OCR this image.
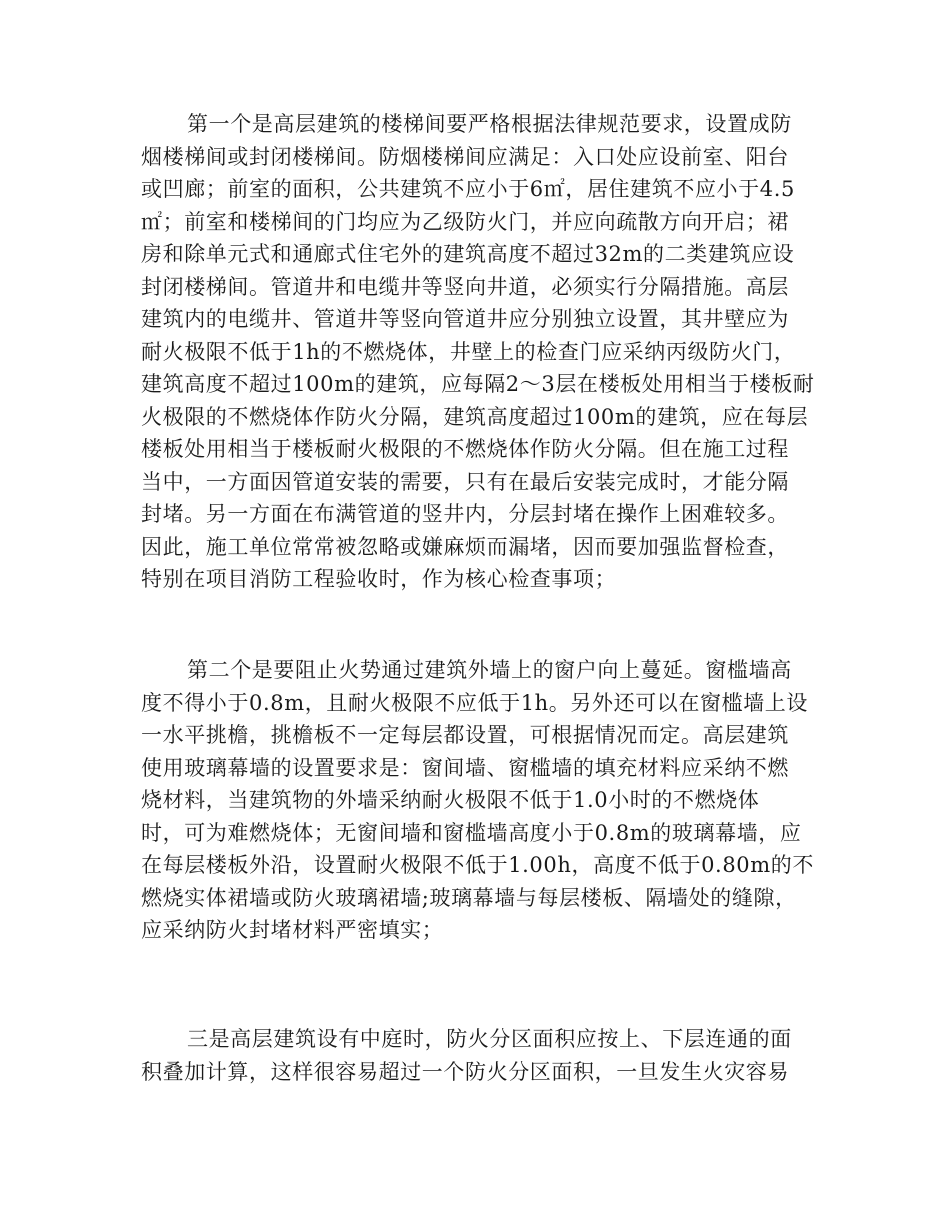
第一个是高层建筑的楼梯间要严格根据法律规范要求，设置成防
烟楼梯间或封闭楼梯间。防烟楼梯间应满足：入口处应设前室、阳台
或凹廊；前室的面积，公共建筑不应小于6㎡，居住建筑不应小于4.5
㎡；前室和楼梯间的门均应为乙级防火门，并应向疏散方向开启；裙
房和除单元式和通廊式住宅外的建筑高度不超过32m的二类建筑应设
封闭楼梯间。管道井和电缆井等竖向井道，必须实行分隔措施。高层
建筑内的电缆井、管道井等竖向管道井应分别独立设置，其井壁应为
耐火极限不低于1h的不燃烧体，井壁上的检查门应采纳丙级防火门，
建筑高度不超过100m的建筑，应每隔2～3层在楼板处用相当于楼板耐
火极限的不燃烧体作防火分隔，建筑高度超过100m的建筑，应在每层
楼板处用相当于楼板耐火极限的不燃烧体作防火分隔。但在施工过程
当中，一方面因管道安装的需要，只有在最后安装完成时，才能分隔
封堵。另一方面在布满管道的竖井内，分层封堵在操作上困难较多。
因此，施工单位常常被忽略或嫌麻烦而漏堵，因而要加强监督检查，
特别在项目消防工程验收时，作为核心检查事项；
第二个是要阻止火势通过建筑外墙上的窗户向上蔓延。窗槛墙高
度不得小于0.8m，且耐火极限不应低于1h。另外还可以在窗槛墙上设
一水平挑檐，挑檐板不一定每层都设置，可根据情况而定。高层建筑
使用玻璃幕墙的设置要求是：窗间墙、窗槛墙的填充材料应采纳不燃
烧材料，当建筑物的外墙采纳耐火极限不低于1.0小时的不燃烧体
时，可为难燃烧体；无窗间墙和窗槛墙高度小于0.8m的玻璃幕墙，应
在每层楼板外沿，设置耐火极限不低于1.00h，高度不低于0.80m的不
燃烧实体裙墙或防火玻璃裙墙;玻璃幕墙与每层楼板、隔墙处的缝隙，
应采纳防火封堵材料严密填实；
三是高层建筑设有中庭时，防火分区面积应按上、下层连通的面
积叠加计算，这样很容易超过一个防火分区面积，一旦发生火灾容易
